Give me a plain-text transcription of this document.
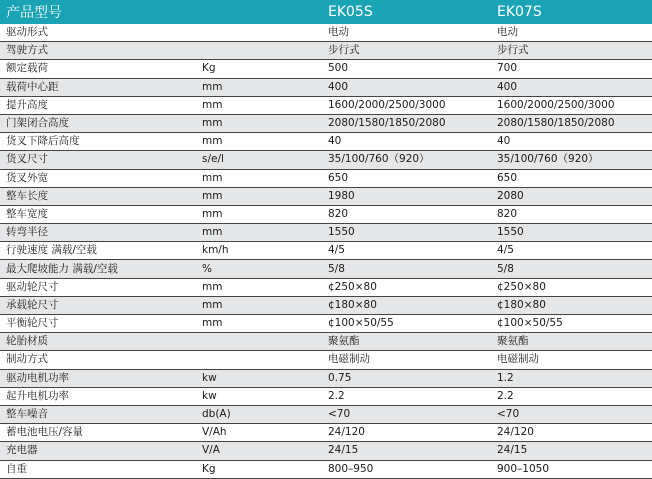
产品型号		EK05S	EK07S
驱动形式		电动	电动
驾驶方式		步行式	步行式
额定载荷	Kg	500	700
载荷中心距	mm	400	400
提升高度	mm	1600/2000/2500/3000	1600/2000/2500/3000
门架闭合高度	mm	2080/1580/1850/2080	2080/1580/1850/2080
货叉下降后高度	mm	40	40
货叉尺寸	s/e/l	35/100/760（920）	35/100/760（920）
货叉外宽	mm	650	650
整车长度	mm	1980	2080
整车宽度	mm	820	820
转弯半径	mm	1550	1550
行驶速度 满载/空载	km/h	4/5	4/5
最大爬坡能力 满载/空载	%	5/8	5/8
驱动轮尺寸	mm	¢250×80	¢250×80
承载轮尺寸	mm	¢180×80	¢180×80
平衡轮尺寸	mm	¢100×50/55	¢100×50/55
轮胎材质		聚氨酯	聚氨酯
制动方式		电磁制动	电磁制动
驱动电机功率	kw	0.75	1.2
起升电机功率	kw	2.2	2.2
整车噪音	db(A)	<70	<70
蓄电池电压/容量	V/Ah	24/120	24/120
充电器	V/A	24/15	24/15
自重	Kg	800–950	900–1050
